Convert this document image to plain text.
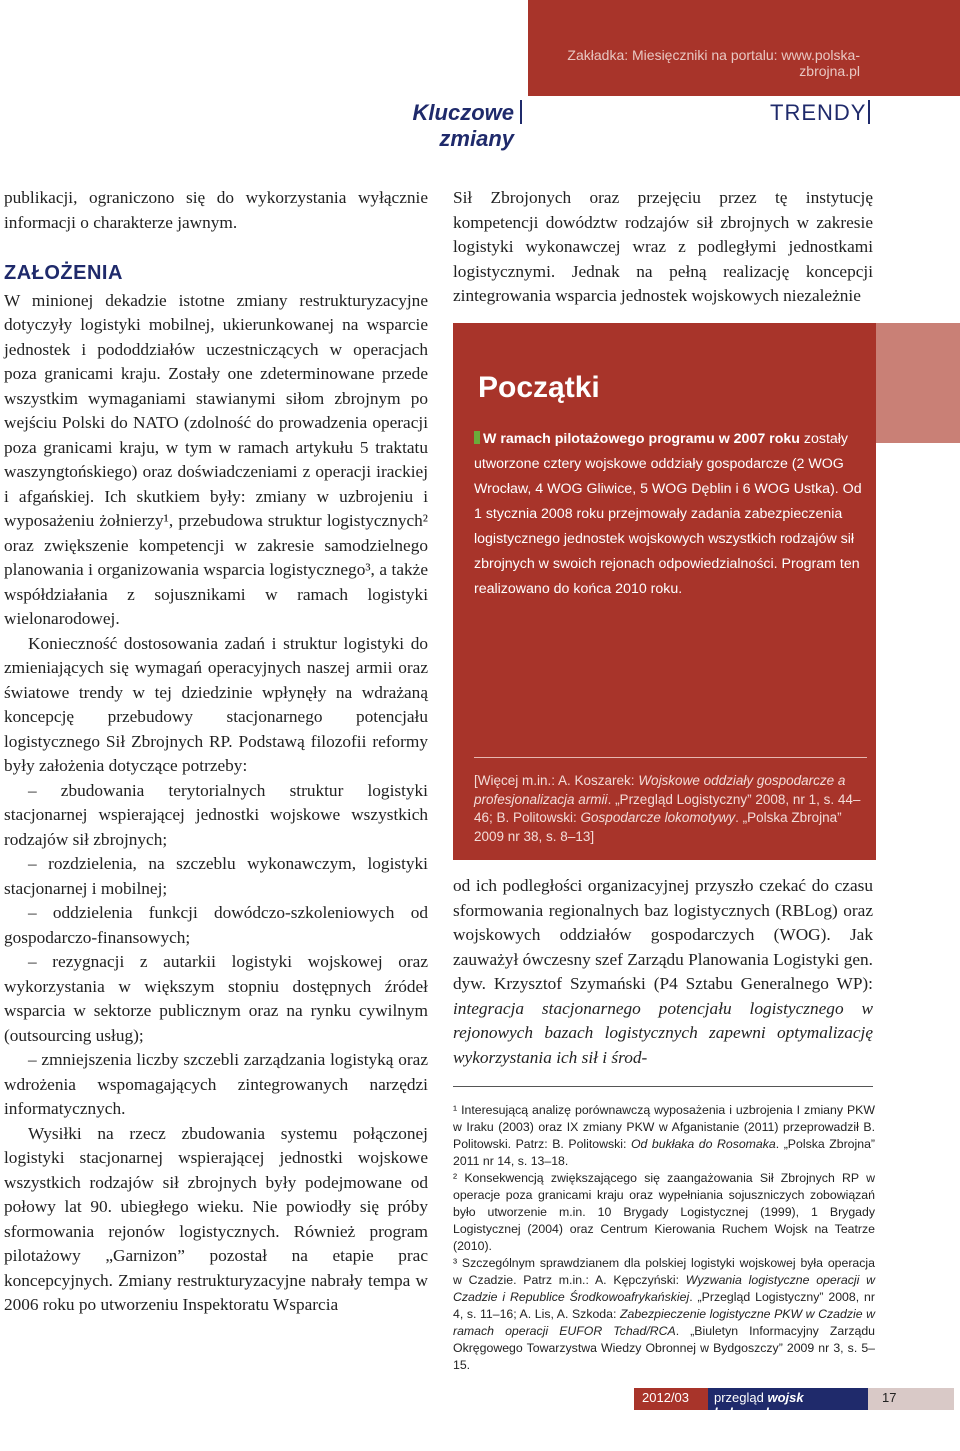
Zakładka: Miesięczniki na portalu: www.polska-zbrojna.pl
Kluczowe zmiany
TRENDY

publikacji, ograniczono się do wykorzystania wyłącznie informacji o charakterze jawnym.

ZAŁOŻENIA

W minionej dekadzie istotne zmiany restrukturyzacyjne dotyczyły logistyki mobilnej, ukierunkowanej na wsparcie jednostek i pododdziałów uczestniczących w operacjach poza granicami kraju. Zostały one zdeterminowane przede wszystkim wymaganiami stawianymi siłom zbrojnym po wejściu Polski do NATO (zdolność do prowadzenia operacji poza granicami kraju, w tym w ramach artykułu 5 traktatu waszyngtońskiego) oraz doświadczeniami z operacji irackiej i afgańskiej. Ich skutkiem były: zmiany w uzbrojeniu i wyposażeniu żołnierzy¹, przebudowa struktur logistycznych² oraz zwiększenie kompetencji w zakresie samodzielnego planowania i organizowania wsparcia logistycznego³, a także współdziałania z sojusznikami w ramach logistyki wielonarodowej.

Konieczność dostosowania zadań i struktur logistyki do zmieniających się wymagań operacyjnych naszej armii oraz światowe trendy w tej dziedzinie wpłynęły na wdrażaną koncepcję przebudowy stacjonarnego potencjału logistycznego Sił Zbrojnych RP. Podstawą filozofii reformy były założenia dotyczące potrzeby:

– zbudowania terytorialnych struktur logistyki stacjonarnej wspierającej jednostki wojskowe wszystkich rodzajów sił zbrojnych;

– rozdzielenia, na szczeblu wykonawczym, logistyki stacjonarnej i mobilnej;

– oddzielenia funkcji dowódczo-szkoleniowych od gospodarczo-finansowych;

– rezygnacji z autarkii logistyki wojskowej oraz wykorzystania w większym stopniu dostępnych źródeł wsparcia w sektorze publicznym oraz na rynku cywilnym (outsourcing usług);

– zmniejszenia liczby szczebli zarządzania logistyką oraz wdrożenia wspomagających zintegrowanych narzędzi informatycznych.

Wysiłki na rzecz zbudowania systemu połączonej logistyki stacjonarnej wspierającej jednostki wojskowe wszystkich rodzajów sił zbrojnych były podejmowane od połowy lat 90. ubiegłego wieku. Nie powiodły się próby sformowania rejonów logistycznych. Również program pilotażowy „Garnizon” pozostał na etapie prac koncepcyjnych. Zmiany restrukturyzacyjne nabrały tempa w 2006 roku po utworzeniu Inspektoratu Wsparcia

Sił Zbrojonych oraz przejęciu przez tę instytucję kompetencji dowództw rodzajów sił zbrojnych w zakresie logistyki wykonawczej wraz z podległymi jednostkami logistycznymi. Jednak na pełną realizację koncepcji zintegrowania wsparcia jednostek wojskowych niezależnie

Początki
W ramach pilotażowego programu w 2007 roku zostały utworzone cztery wojskowe oddziały gospodarcze (2 WOG Wrocław, 4 WOG Gliwice, 5 WOG Dęblin i 6 WOG Ustka). Od 1 stycznia 2008 roku przejmowały zadania zabezpieczenia logistycznego jednostek wojskowych wszystkich rodzajów sił zbrojnych w swoich rejonach odpowiedzialności. Program ten realizowano do końca 2010 roku.
[Więcej m.in.: A. Koszarek: Wojskowe oddziały gospodarcze a profesjonalizacja armii. „Przegląd Logistyczny” 2008, nr 1, s. 44–46; B. Politowski: Gospodarcze lokomotywy. „Polska Zbrojna” 2009 nr 38, s. 8–13]

od ich podległości organizacyjnej przyszło czekać do czasu sformowania regionalnych baz logistycznych (RBLog) oraz wojskowych oddziałów gospodarczych (WOG). Jak zauważył ówczesny szef Zarządu Planowania Logistyki gen. dyw. Krzysztof Szymański (P4 Sztabu Generalnego WP): integracja stacjonarnego potencjału logistycznego w rejonowych bazach logistycznych zapewni optymalizację wykorzystania ich sił i środ-

¹ Interesującą analizę porównawczą wyposażenia i uzbrojenia I zmiany PKW w Iraku (2003) oraz IX zmiany PKW w Afganistanie (2011) przeprowadził B. Politowski. Patrz: B. Politowski: Od bukłaka do Rosomaka. „Polska Zbrojna” 2011 nr 14, s. 13–18.

² Konsekwencją zwiększającego się zaangażowania Sił Zbrojnych RP w operacje poza granicami kraju oraz wypełniania sojuszniczych zobowiązań było utworzenie m.in. 10 Brygady Logistycznej (1999), 1 Brygady Logistycznej (2004) oraz Centrum Kierowania Ruchem Wojsk na Teatrze (2010).

³ Szczególnym sprawdzianem dla polskiej logistyki wojskowej była operacja w Czadzie. Patrz m.in.: A. Kępczyński: Wyzwania logistyczne operacji w Czadzie i Republice Środkowoafrykańskiej. „Przegląd Logistyczny” 2008, nr 4, s. 11–16; A. Lis, A. Szkoda: Zabezpieczenie logistyczne PKW w Czadzie w ramach operacji EUFOR Tchad/RCA. „Biuletyn Informacyjny Zarządu Okręgowego Towarzystwa Wiedzy Obronnej w Bydgoszczy” 2009 nr 3, s. 5–15.

2012/03	przegląd wojsk lądowych
17
